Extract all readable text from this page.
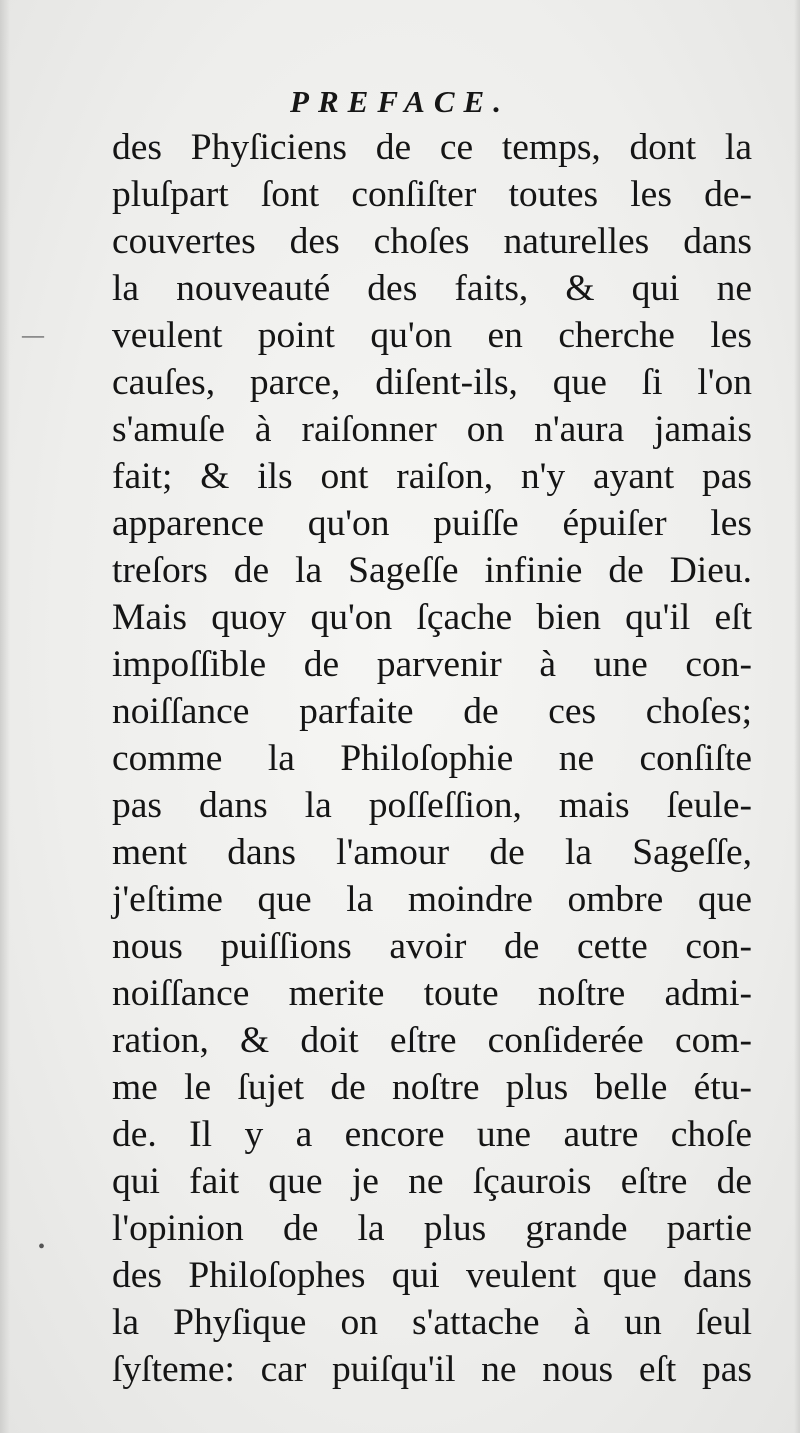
PREFACE.
des Phyſiciens de ce temps, dont la
pluſpart ſont conſiſter toutes les de-
couvertes des choſes naturelles dans
la nouveauté des faits, & qui ne
veulent point qu'on en cherche les
cauſes, parce, diſent-ils, que ſi l'on
s'amuſe à raiſonner on n'aura jamais
fait; & ils ont raiſon, n'y ayant pas
apparence qu'on puiſſe épuiſer les
treſors de la Sageſſe infinie de Dieu.
Mais quoy qu'on ſçache bien qu'il eſt
impoſſible de parvenir à une con-
noiſſance parfaite de ces choſes;
comme la Philoſophie ne conſiſte
pas dans la poſſeſſion, mais ſeule-
ment dans l'amour de la Sageſſe,
j'eſtime que la moindre ombre que
nous puiſſions avoir de cette con-
noiſſance merite toute noſtre admi-
ration, & doit eſtre conſiderée com-
me le ſujet de noſtre plus belle étu-
de. Il y a encore une autre choſe
qui fait que je ne ſçaurois eſtre de
l'opinion de la plus grande partie
des Philoſophes qui veulent que dans
la Phyſique on s'attache à un ſeul
ſyſteme: car puiſqu'il ne nous eſt pas
—
•
